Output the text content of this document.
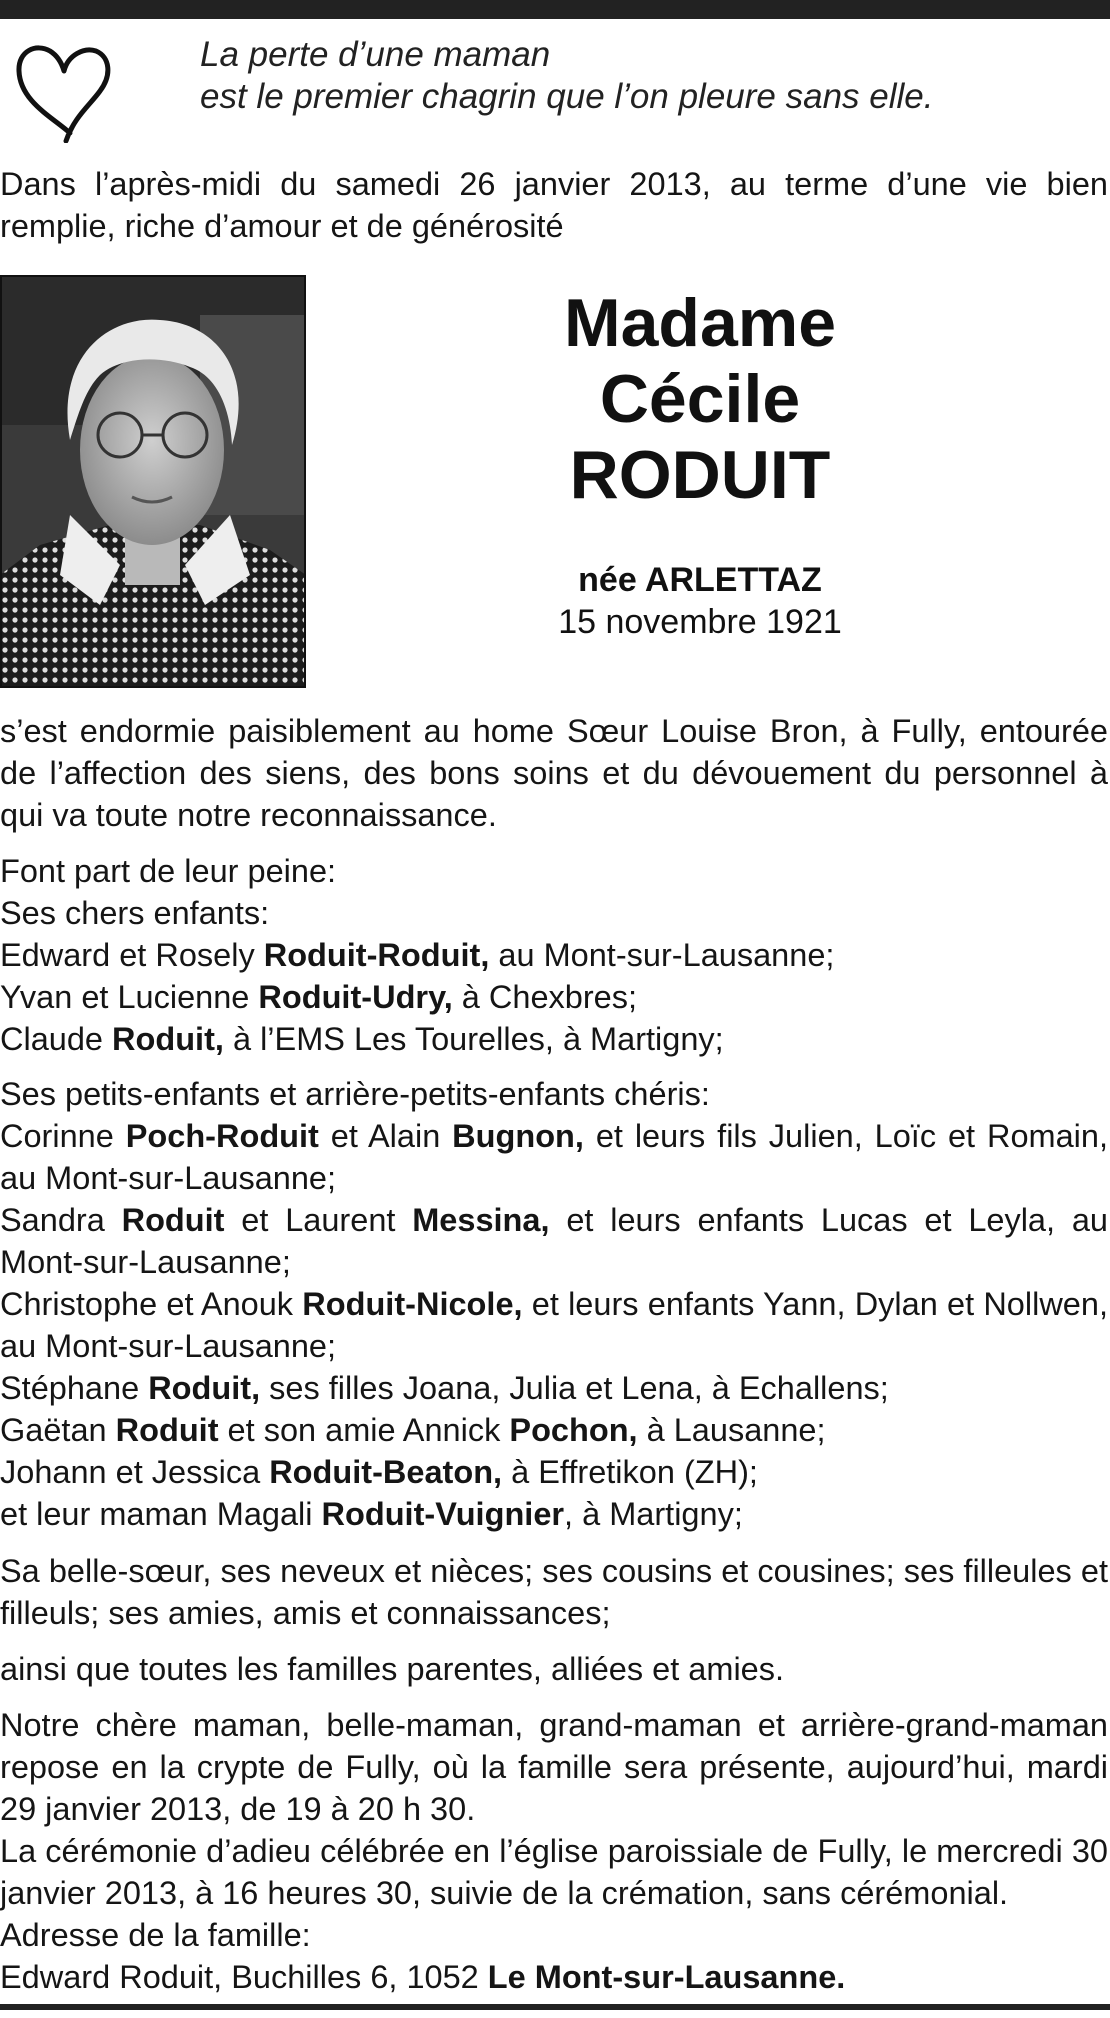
La perte d’une maman
est le premier chagrin que l’on pleure sans elle.
Dans l’après-midi du samedi 26 janvier 2013, au terme d’une vie bien remplie, riche d’amour et de générosité
Madame
Cécile
RODUIT
née ARLETTAZ
15 novembre 1921
s’est endormie paisiblement au home Sœur Louise Bron, à Fully, entourée de l’affection des siens, des bons soins et du dévouement du personnel à qui va toute notre reconnaissance.
Font part de leur peine:
Ses chers enfants:
Edward et Rosely Roduit-Roduit, au Mont-sur-Lausanne;
Yvan et Lucienne Roduit-Udry, à Chexbres;
Claude Roduit, à l’EMS Les Tourelles, à Martigny;
Ses petits-enfants et arrière-petits-enfants chéris:
Corinne Poch-Roduit et Alain Bugnon, et leurs fils Julien, Loïc et Romain, au Mont-sur-Lausanne;
Sandra Roduit et Laurent Messina, et leurs enfants Lucas et Leyla, au Mont-sur-Lausanne;
Christophe et Anouk Roduit-Nicole, et leurs enfants Yann, Dylan et Nollwen, au Mont-sur-Lausanne;
Stéphane Roduit, ses filles Joana, Julia et Lena, à Echallens;
Gaëtan Roduit et son amie Annick Pochon, à Lausanne;
Johann et Jessica Roduit-Beaton, à Effretikon (ZH);
et leur maman Magali Roduit-Vuignier, à Martigny;
Sa belle-sœur, ses neveux et nièces; ses cousins et cousines; ses filleules et filleuls; ses amies, amis et connaissances;
ainsi que toutes les familles parentes, alliées et amies.
Notre chère maman, belle-maman, grand-maman et arrière-grand-maman repose en la crypte de Fully, où la famille sera présente, aujourd’hui, mardi 29 janvier 2013, de 19 à 20 h 30.
La cérémonie d’adieu célébrée en l’église paroissiale de Fully, le mercredi 30 janvier 2013, à 16 heures 30, suivie de la crémation, sans cérémonial.
Adresse de la famille:
Edward Roduit, Buchilles 6, 1052 Le Mont-sur-Lausanne.
